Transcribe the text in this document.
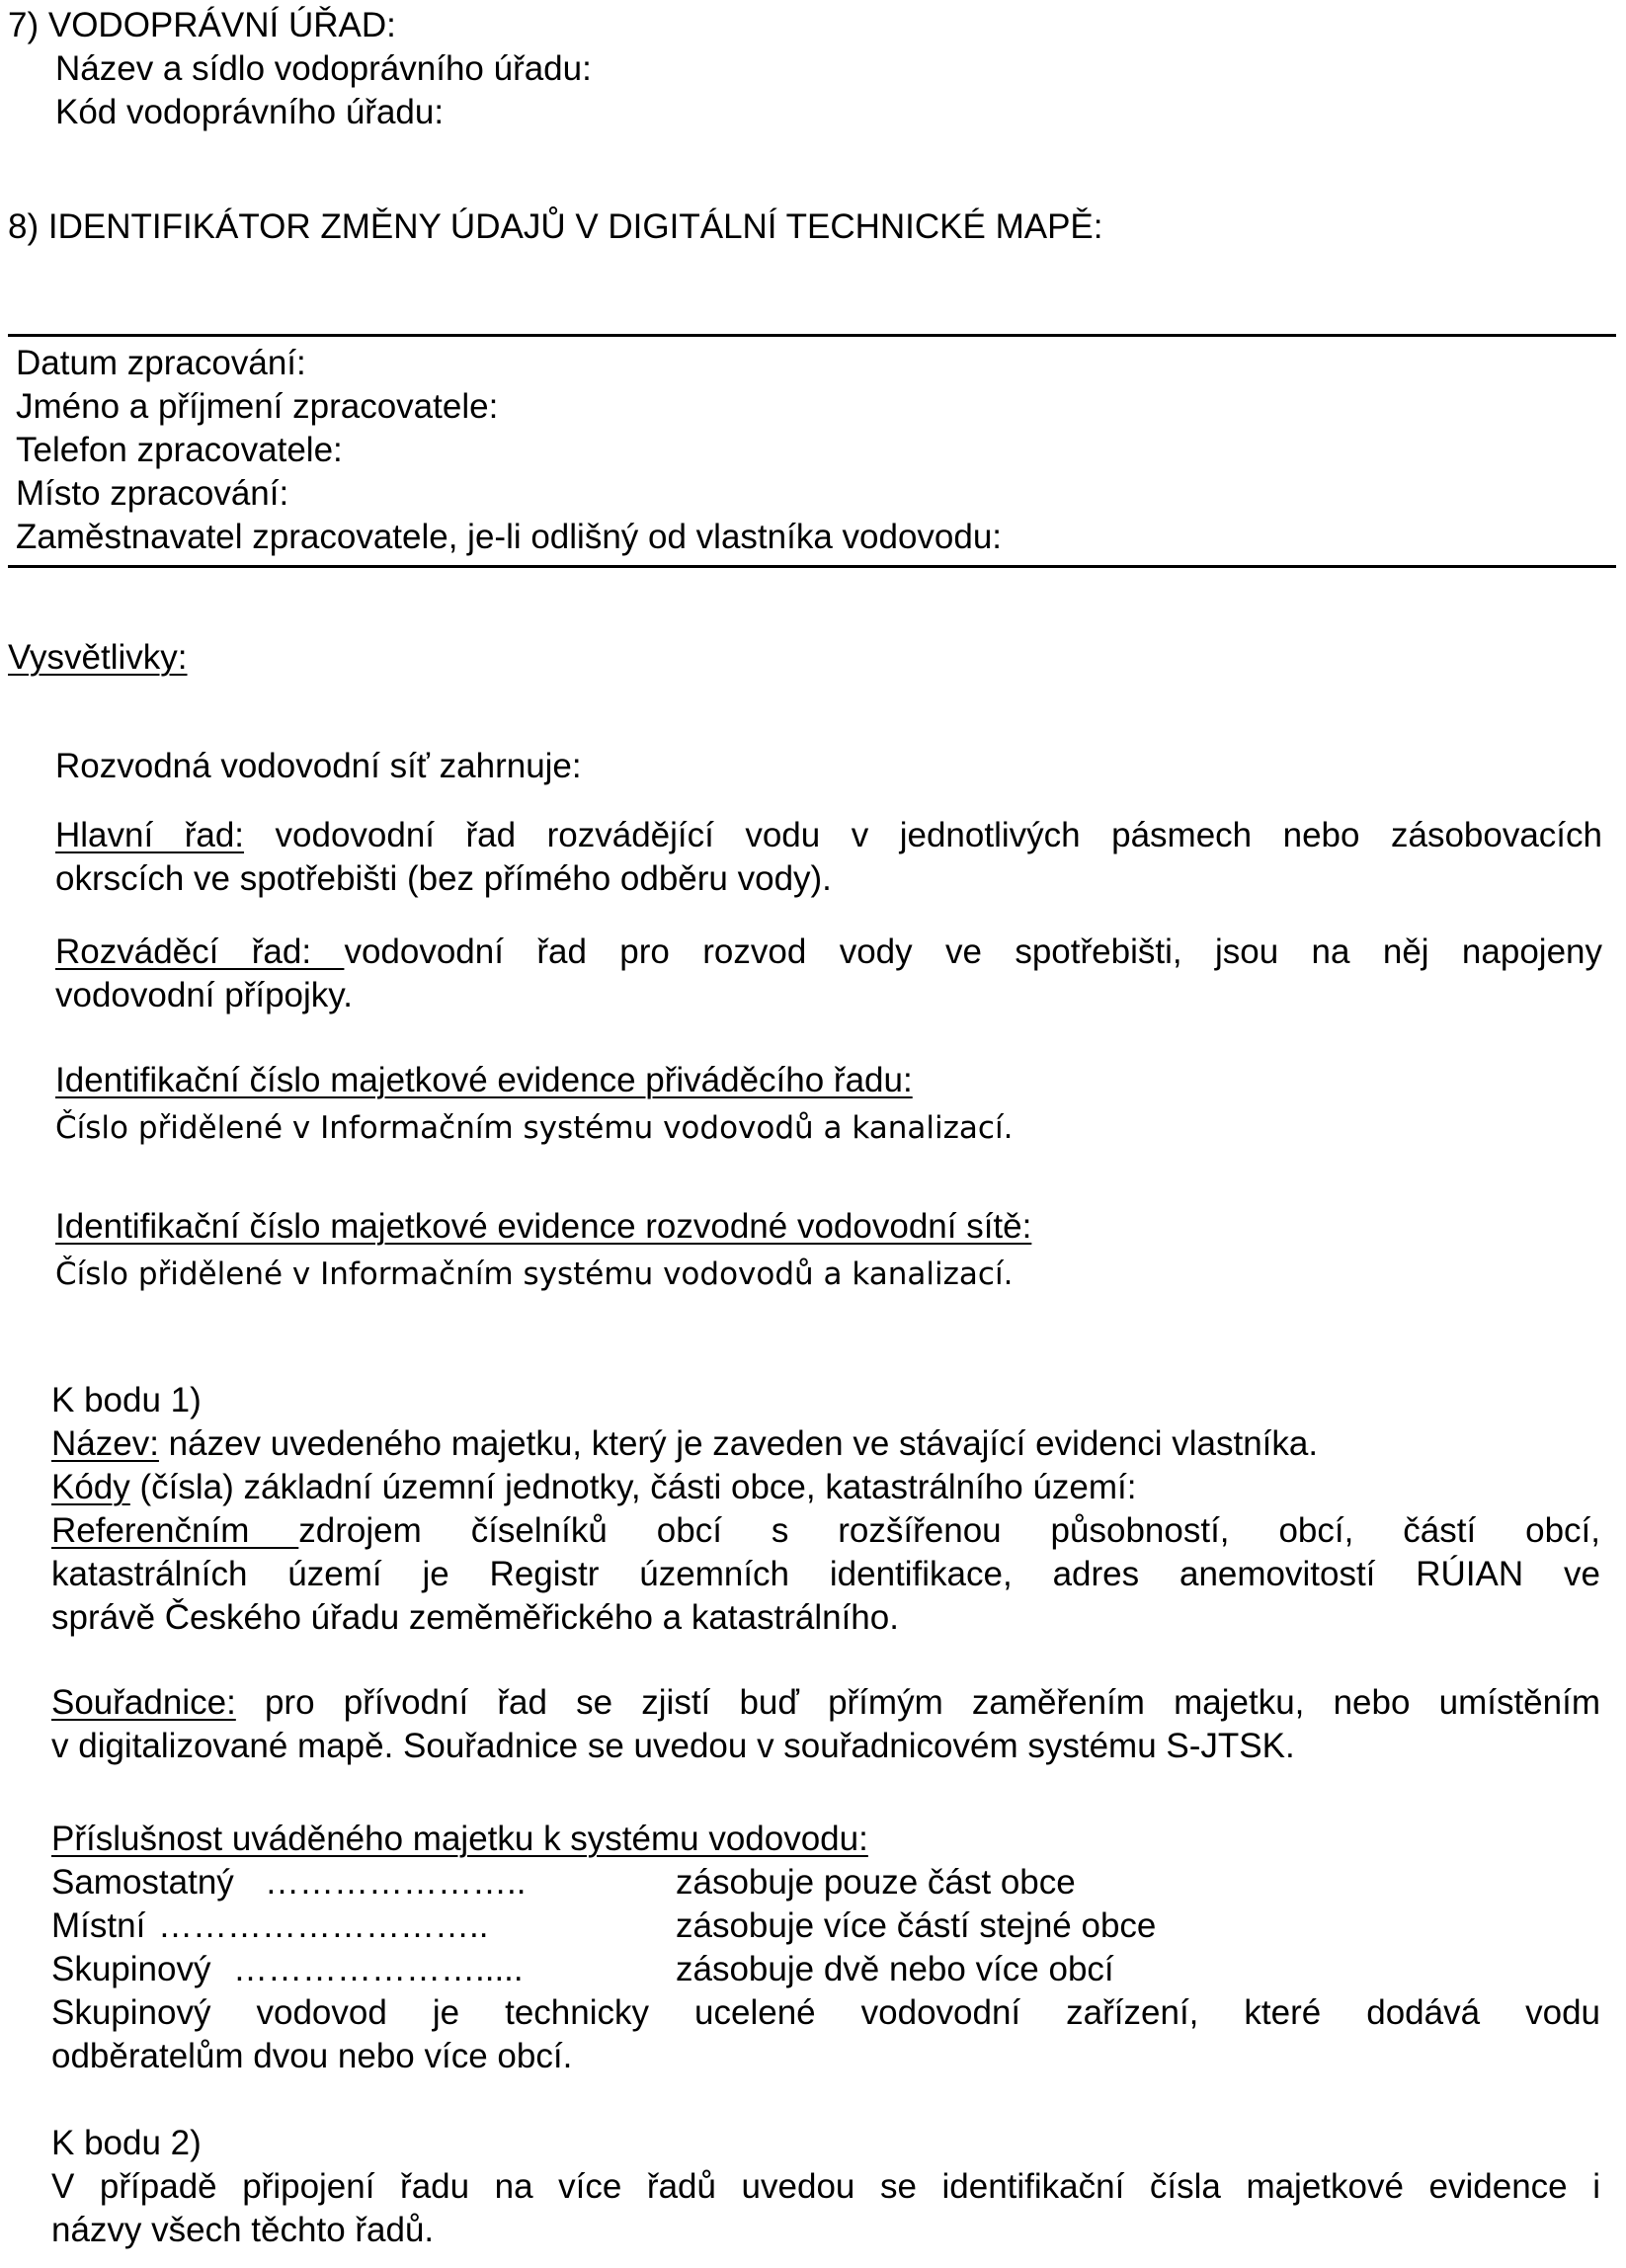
7) VODOPRÁVNÍ ÚŘAD:
Název a sídlo vodoprávního úřadu:
Kód vodoprávního úřadu:
8) IDENTIFIKÁTOR ZMĚNY ÚDAJŮ V DIGITÁLNÍ TECHNICKÉ MAPĚ:
Datum zpracování:
Jméno a příjmení zpracovatele:
Telefon zpracovatele:
Místo zpracování:
Zaměstnavatel zpracovatele, je-li odlišný od vlastníka vodovodu:
Vysvětlivky:
Rozvodná vodovodní síť zahrnuje:
Hlavní řad: vodovodní řad rozvádějící vodu v jednotlivých pásmech nebo zásobovacích
okrscích ve spotřebišti (bez přímého odběru vody).
Rozváděcí řad: vodovodní řad pro rozvod vody ve spotřebišti, jsou na něj napojeny
vodovodní přípojky.
Identifikační číslo majetkové evidence přiváděcího řadu:
Číslo přidělené v Informačním systému vodovodů a kanalizací.
Identifikační číslo majetkové evidence rozvodné vodovodní sítě:
Číslo přidělené v Informačním systému vodovodů a kanalizací.
K bodu 1)
Název: název uvedeného majetku, který je zaveden ve stávající evidenci vlastníka.
Kódy (čísla) základní územní jednotky, části obce, katastrálního území:
Referenčním zdrojem číselníků obcí s rozšířenou působností, obcí, částí obcí,
katastrálních území je Registr územních identifikace, adres anemovitostí RÚIAN ve
správě Českého úřadu zeměměřického a katastrálního.
Souřadnice: pro přívodní řad se zjistí buď přímým zaměřením majetku, nebo umístěním
v digitalizované mapě. Souřadnice se uvedou v souřadnicovém systému S-JTSK.
Příslušnost uváděného majetku k systému vodovodu:
Samostatný …………………..	zásobuje pouze část obce
Místní ………………………..	zásobuje více částí stejné obce
Skupinový ………………….....	zásobuje dvě nebo více obcí
Skupinový vodovod je technicky ucelené vodovodní zařízení, které dodává vodu
odběratelům dvou nebo více obcí.
K bodu 2)
V případě připojení řadu na více řadů uvedou se identifikační čísla majetkové evidence i
názvy všech těchto řadů.
